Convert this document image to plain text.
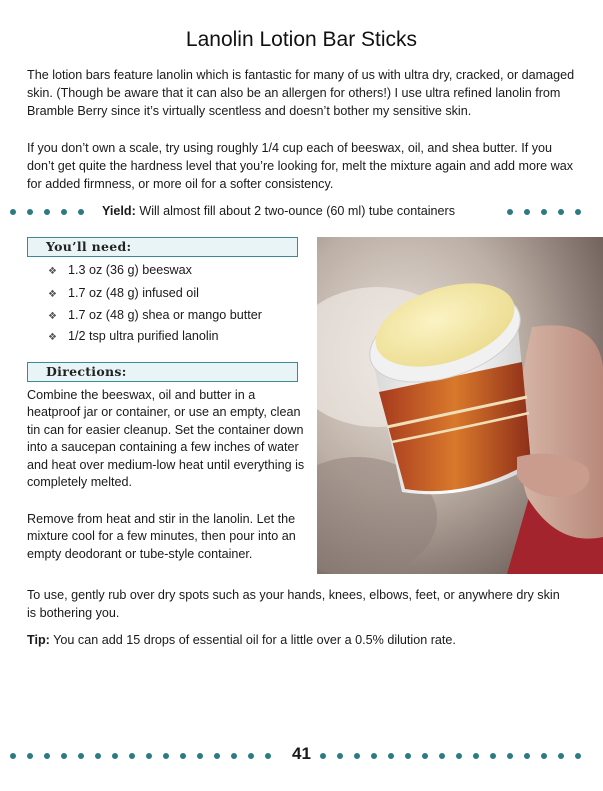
Lanolin Lotion Bar Sticks

The lotion bars feature lanolin which is fantastic for many of us with ultra dry, cracked, or damaged skin. (Though be aware that it can also be an allergen for others!) I use ultra refined lanolin from Bramble Berry since it’s virtually scentless and doesn’t bother my sensitive skin.

If you don’t own a scale, try using roughly 1/4 cup each of beeswax, oil, and shea butter. If you don’t get quite the hardness level that you’re looking for, melt the mixture again and add more wax for added firmness, or more oil for a softer consistency.

Yield: Will almost fill about 2 two-ounce (60 ml) tube containers
You’ll need:
❖ 1.3 oz (36 g) beeswax
❖ 1.7 oz (48 g) infused oil
❖ 1.7 oz (48 g) shea or mango butter
❖ 1/2 tsp ultra purified lanolin
Directions:

Combine the beeswax, oil and butter in a heatproof jar or container, or use an empty, clean tin can for easier cleanup. Set the container down into a saucepan containing a few inches of water and heat over medium-low heat until everything is completely melted.

Remove from heat and stir in the lanolin. Let the mixture cool for a few minutes, then pour into an empty deodorant or tube-style container.

To use, gently rub over dry spots such as your hands, knees, elbows, feet, or anywhere dry skin is bothering you.

Tip: You can add 15 drops of essential oil for a little over a 0.5% dilution rate.

41
